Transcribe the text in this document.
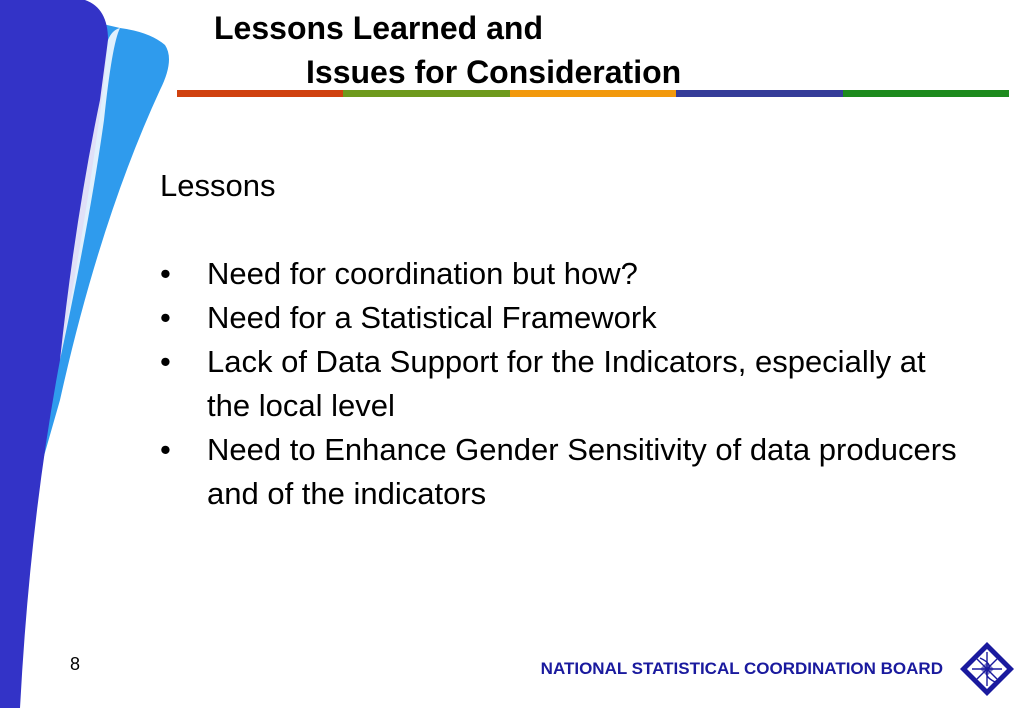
Lessons Learned and
Issues for Consideration
Lessons
•	Need for coordination but how?
•	Need for a Statistical Framework
•	Lack of Data Support for the Indicators, especially at the local level
•	Need to Enhance Gender Sensitivity of data producers and of the indicators
8	NATIONAL STATISTICAL COORDINATION BOARD
